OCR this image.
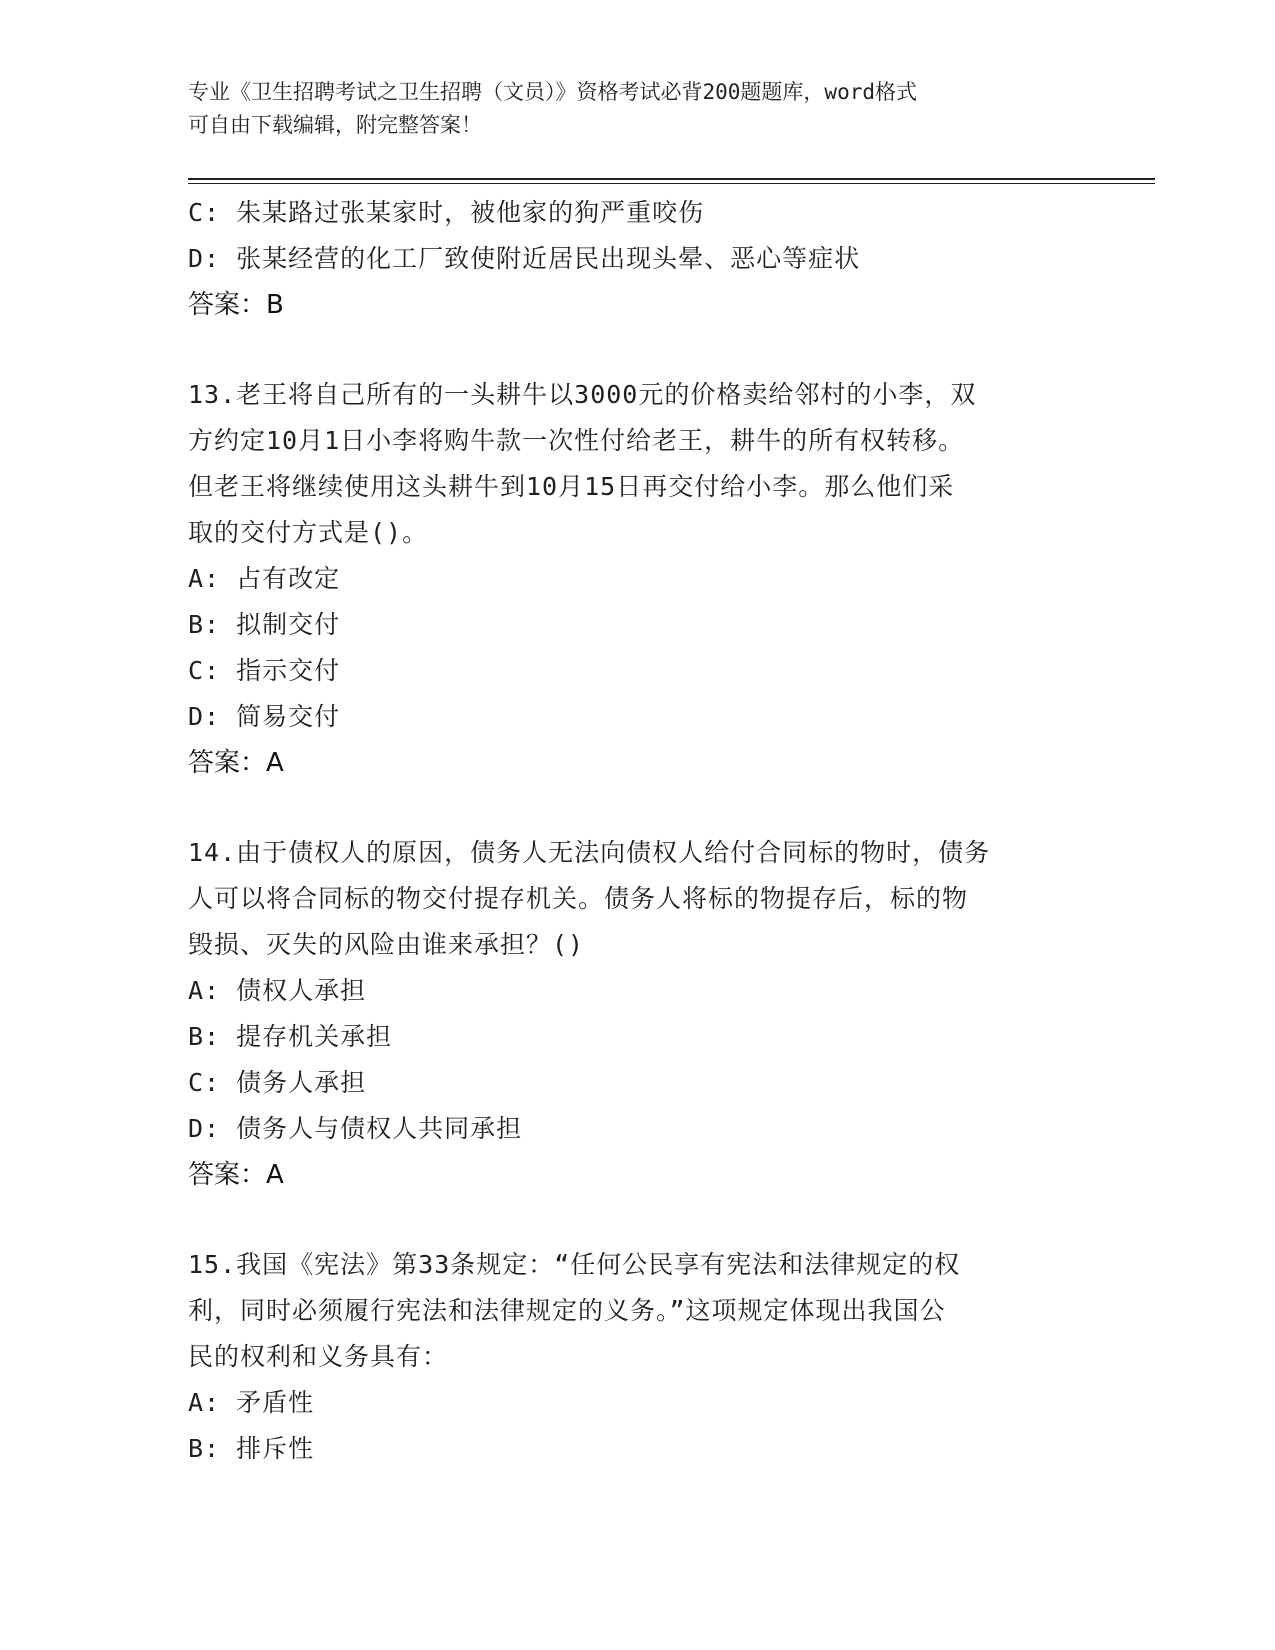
专业《卫生招聘考试之卫生招聘（文员）》资格考试必背200题题库，word格式
可自由下载编辑，附完整答案！
C: 朱某路过张某家时，被他家的狗严重咬伤
D: 张某经营的化工厂致使附近居民出现头晕、恶心等症状
答案：B
13.老王将自己所有的一头耕牛以3000元的价格卖给邻村的小李，双
方约定10月1日小李将购牛款一次性付给老王，耕牛的所有权转移。
但老王将继续使用这头耕牛到10月15日再交付给小李。那么他们采
取的交付方式是()。
A: 占有改定
B: 拟制交付
C: 指示交付
D: 简易交付
答案：A
14.由于债权人的原因，债务人无法向债权人给付合同标的物时，债务
人可以将合同标的物交付提存机关。债务人将标的物提存后，标的物
毁损、灭失的风险由谁来承担？()
A: 债权人承担
B: 提存机关承担
C: 债务人承担
D: 债务人与债权人共同承担
答案：A
15.我国《宪法》第33条规定：“任何公民享有宪法和法律规定的权
利，同时必须履行宪法和法律规定的义务。”这项规定体现出我国公
民的权利和义务具有：
A: 矛盾性
B: 排斥性
